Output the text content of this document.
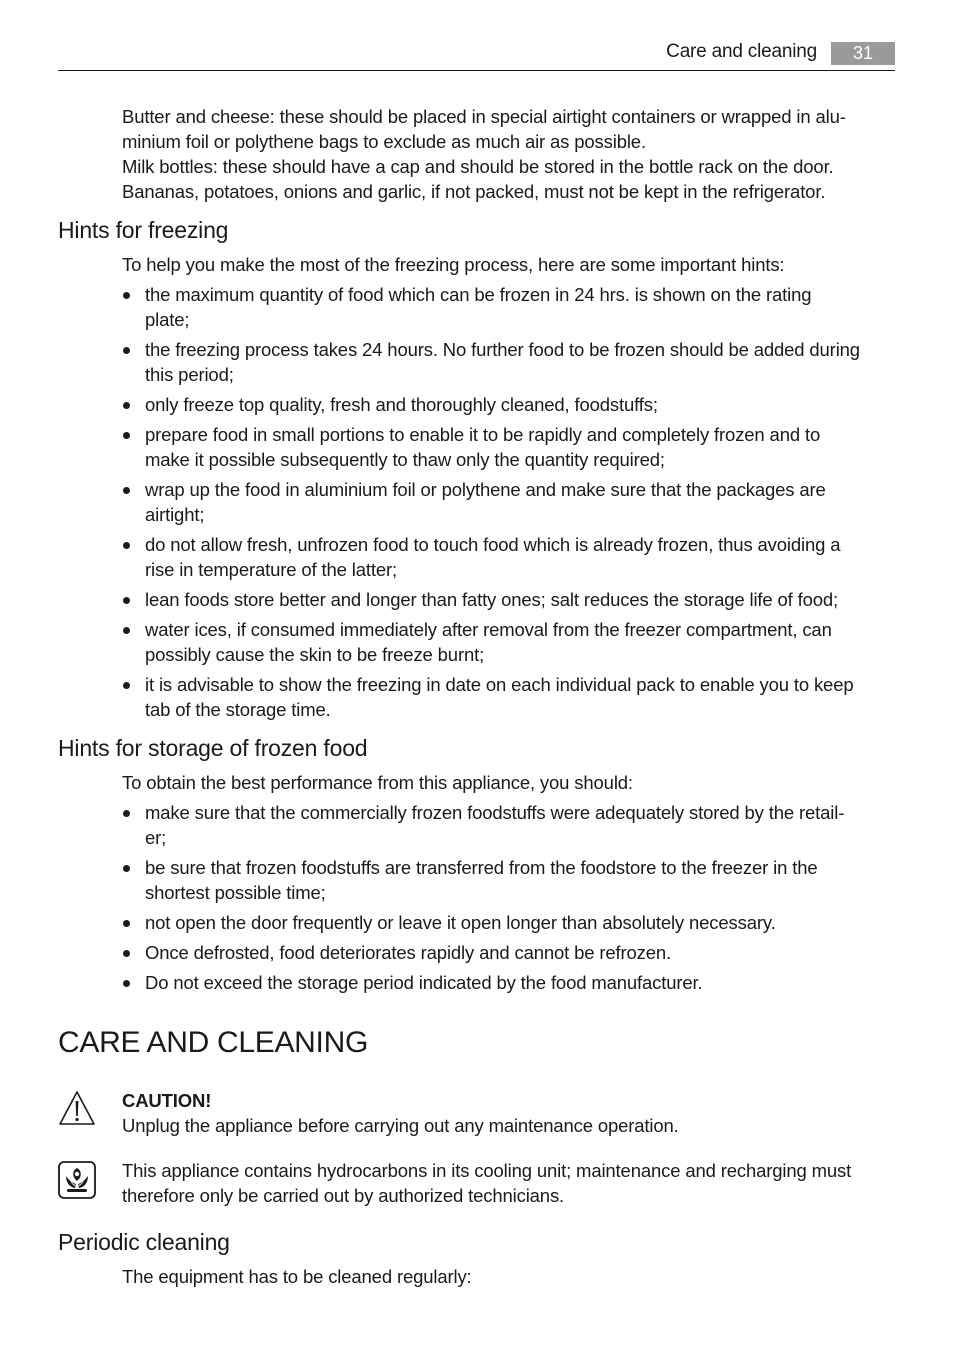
Care and cleaning	31
Butter and cheese: these should be placed in special airtight containers or wrapped in alu-
minium foil or polythene bags to exclude as much air as possible.
Milk bottles: these should have a cap and should be stored in the bottle rack on the door.
Bananas, potatoes, onions and garlic, if not packed, must not be kept in the refrigerator.
Hints for freezing
To help you make the most of the freezing process, here are some important hints:
the maximum quantity of food which can be frozen in 24 hrs. is shown on the rating
plate;
the freezing process takes 24 hours. No further food to be frozen should be added during
this period;
only freeze top quality, fresh and thoroughly cleaned, foodstuffs;
prepare food in small portions to enable it to be rapidly and completely frozen and to
make it possible subsequently to thaw only the quantity required;
wrap up the food in aluminium foil or polythene and make sure that the packages are
airtight;
do not allow fresh, unfrozen food to touch food which is already frozen, thus avoiding a
rise in temperature of the latter;
lean foods store better and longer than fatty ones; salt reduces the storage life of food;
water ices, if consumed immediately after removal from the freezer compartment, can
possibly cause the skin to be freeze burnt;
it is advisable to show the freezing in date on each individual pack to enable you to keep
tab of the storage time.
Hints for storage of frozen food
To obtain the best performance from this appliance, you should:
make sure that the commercially frozen foodstuffs were adequately stored by the retail-
er;
be sure that frozen foodstuffs are transferred from the foodstore to the freezer in the
shortest possible time;
not open the door frequently or leave it open longer than absolutely necessary.
Once defrosted, food deteriorates rapidly and cannot be refrozen.
Do not exceed the storage period indicated by the food manufacturer.
CARE AND CLEANING
CAUTION!
Unplug the appliance before carrying out any maintenance operation.
This appliance contains hydrocarbons in its cooling unit; maintenance and recharging must
therefore only be carried out by authorized technicians.
Periodic cleaning
The equipment has to be cleaned regularly:
